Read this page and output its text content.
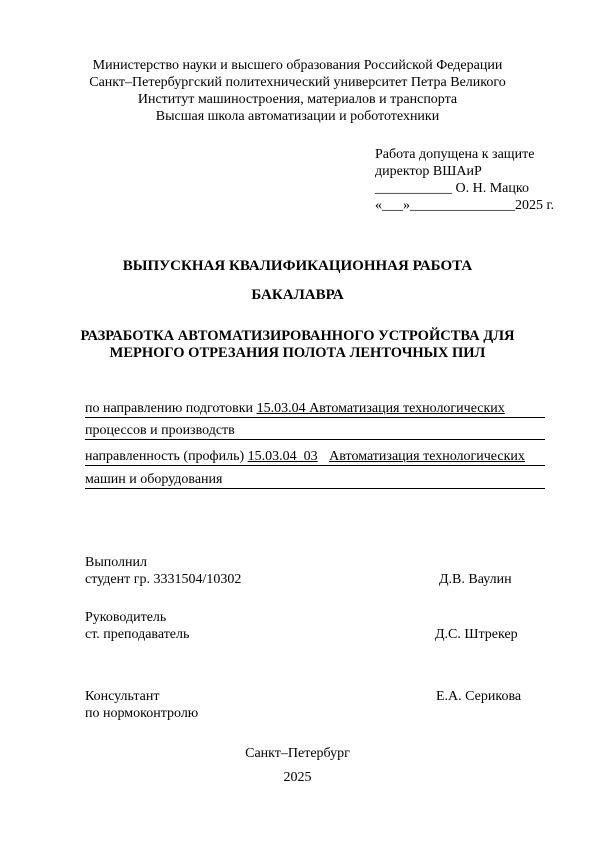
Министерство науки и высшего образования Российской Федерации
Санкт–Петербургский политехнический университет Петра Великого
Институт машиностроения, материалов и транспорта
Высшая школа автоматизации и робототехники
Работа допущена к защите
директор ВШАиР
___________ О. Н. Мацко
«___»_______________2025 г.
ВЫПУСКНАЯ КВАЛИФИКАЦИОННАЯ РАБОТА
БАКАЛАВРА
РАЗРАБОТКА АВТОМАТИЗИРОВАННОГО УСТРОЙСТВА ДЛЯ
МЕРНОГО ОТРЕЗАНИЯ ПОЛОТА ЛЕНТОЧНЫХ ПИЛ
по направлению подготовки 15.03.04 Автоматизация технологических
процессов и производств
направленность (профиль) 15.03.04_03 Автоматизация технологических
машин и оборудования
Выполнил
студент гр. 3331504/10302	Д.В. Ваулин
Руководитель
ст. преподаватель	Д.С. Штрекер
Консультант	Е.А. Серикова
по нормоконтролю
Санкт–Петербург
2025
